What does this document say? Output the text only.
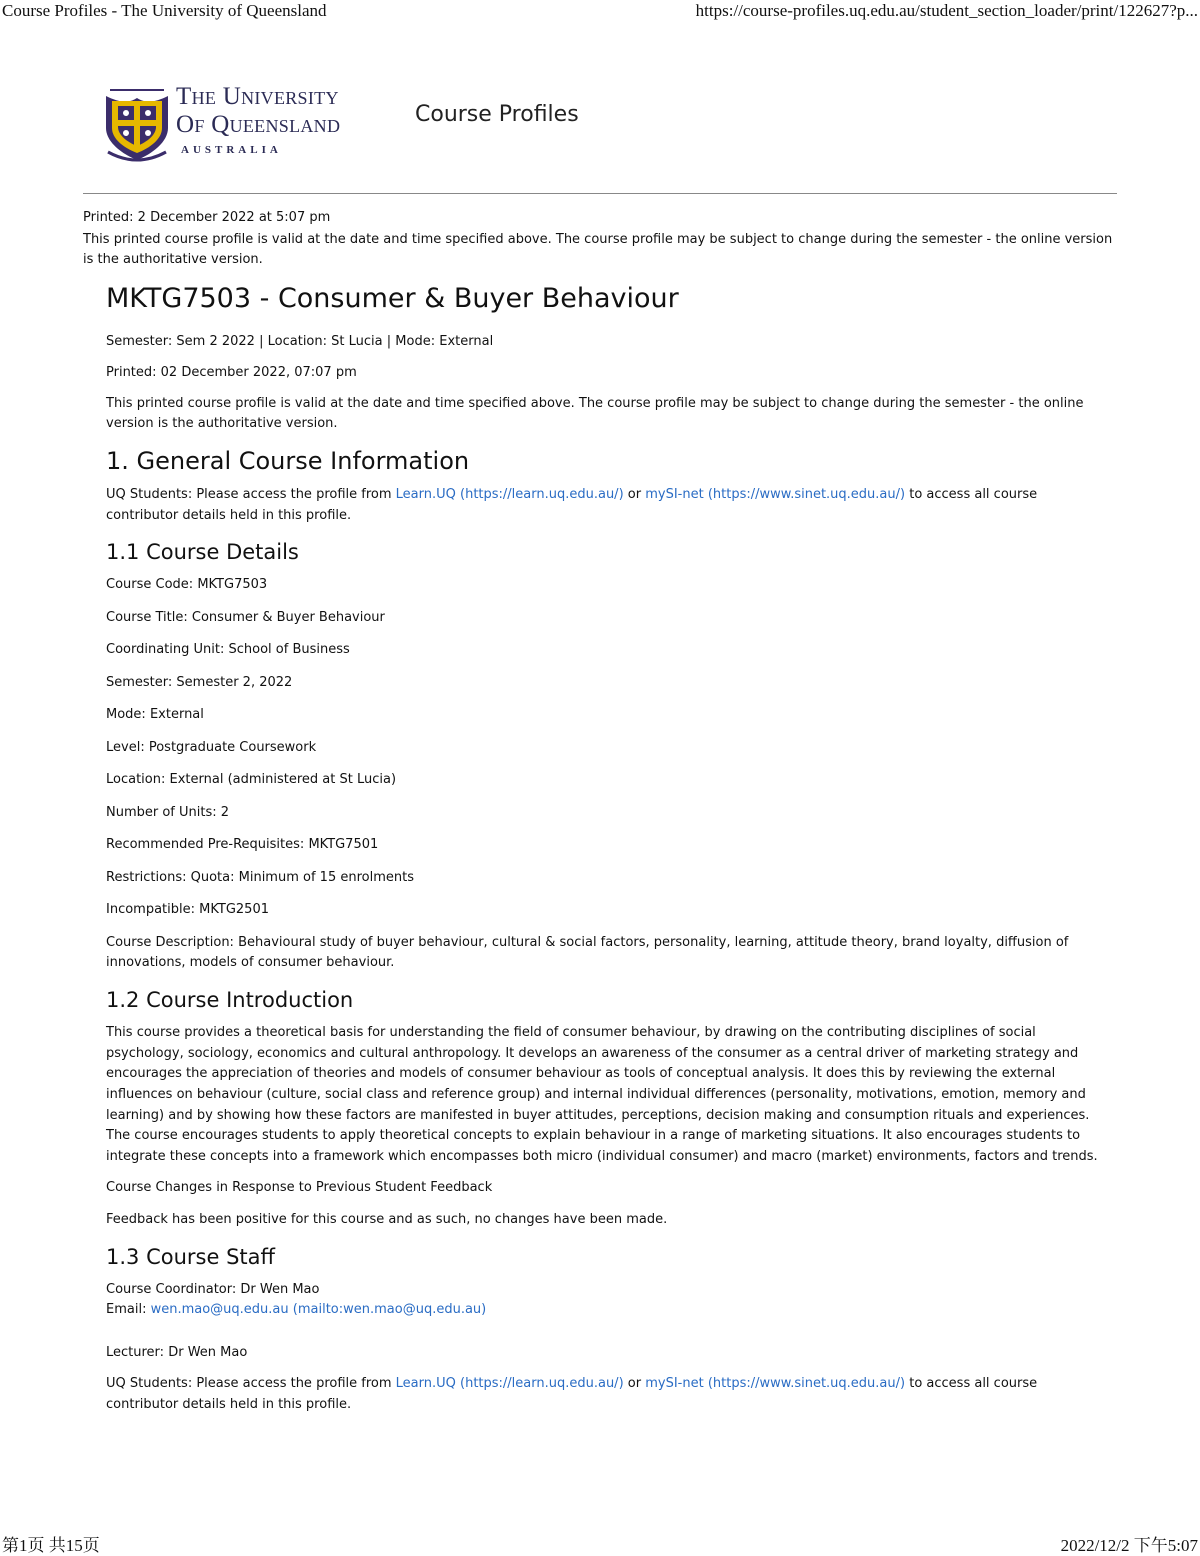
Course Profiles - The University of Queensland	https://course-profiles.uq.edu.au/student_section_loader/print/122627?p...
The University
Of Queensland
AUSTRALIA
Course Profiles
Printed: 2 December 2022 at 5:07 pm
This printed course profile is valid at the date and time specified above. The course profile may be subject to change during the semester - the online version is the authoritative version.
MKTG7503 - Consumer & Buyer Behaviour

Semester: Sem 2 2022 | Location: St Lucia | Mode: External

Printed: 02 December 2022, 07:07 pm

This printed course profile is valid at the date and time specified above. The course profile may be subject to change during the semester - the online version is the authoritative version.

1. General Course Information

UQ Students: Please access the profile from Learn.UQ (https://learn.uq.edu.au/) or mySI-net (https://www.sinet.uq.edu.au/) to access all course contributor details held in this profile.

1.1 Course Details

Course Code: MKTG7503

Course Title: Consumer & Buyer Behaviour

Coordinating Unit: School of Business

Semester: Semester 2, 2022

Mode: External

Level: Postgraduate Coursework

Location: External (administered at St Lucia)

Number of Units: 2

Recommended Pre-Requisites: MKTG7501

Restrictions: Quota: Minimum of 15 enrolments

Incompatible: MKTG2501

Course Description: Behavioural study of buyer behaviour, cultural & social factors, personality, learning, attitude theory, brand loyalty, diffusion of innovations, models of consumer behaviour.

1.2 Course Introduction

This course provides a theoretical basis for understanding the field of consumer behaviour, by drawing on the contributing disciplines of social psychology, sociology, economics and cultural anthropology. It develops an awareness of the consumer as a central driver of marketing strategy and encourages the appreciation of theories and models of consumer behaviour as tools of conceptual analysis. It does this by reviewing the external influences on behaviour (culture, social class and reference group) and internal individual differences (personality, motivations, emotion, memory and learning) and by showing how these factors are manifested in buyer attitudes, perceptions, decision making and consumption rituals and experiences. The course encourages students to apply theoretical concepts to explain behaviour in a range of marketing situations. It also encourages students to integrate these concepts into a framework which encompasses both micro (individual consumer) and macro (market) environments, factors and trends.

Course Changes in Response to Previous Student Feedback

Feedback has been positive for this course and as such, no changes have been made.

1.3 Course Staff

Course Coordinator: Dr Wen Mao
Email: wen.mao@uq.edu.au (mailto:wen.mao@uq.edu.au)

Lecturer: Dr Wen Mao

UQ Students: Please access the profile from Learn.UQ (https://learn.uq.edu.au/) or mySI-net (https://www.sinet.uq.edu.au/) to access all course contributor details held in this profile.

第1页 共15页	2022/12/2 下午5:07
